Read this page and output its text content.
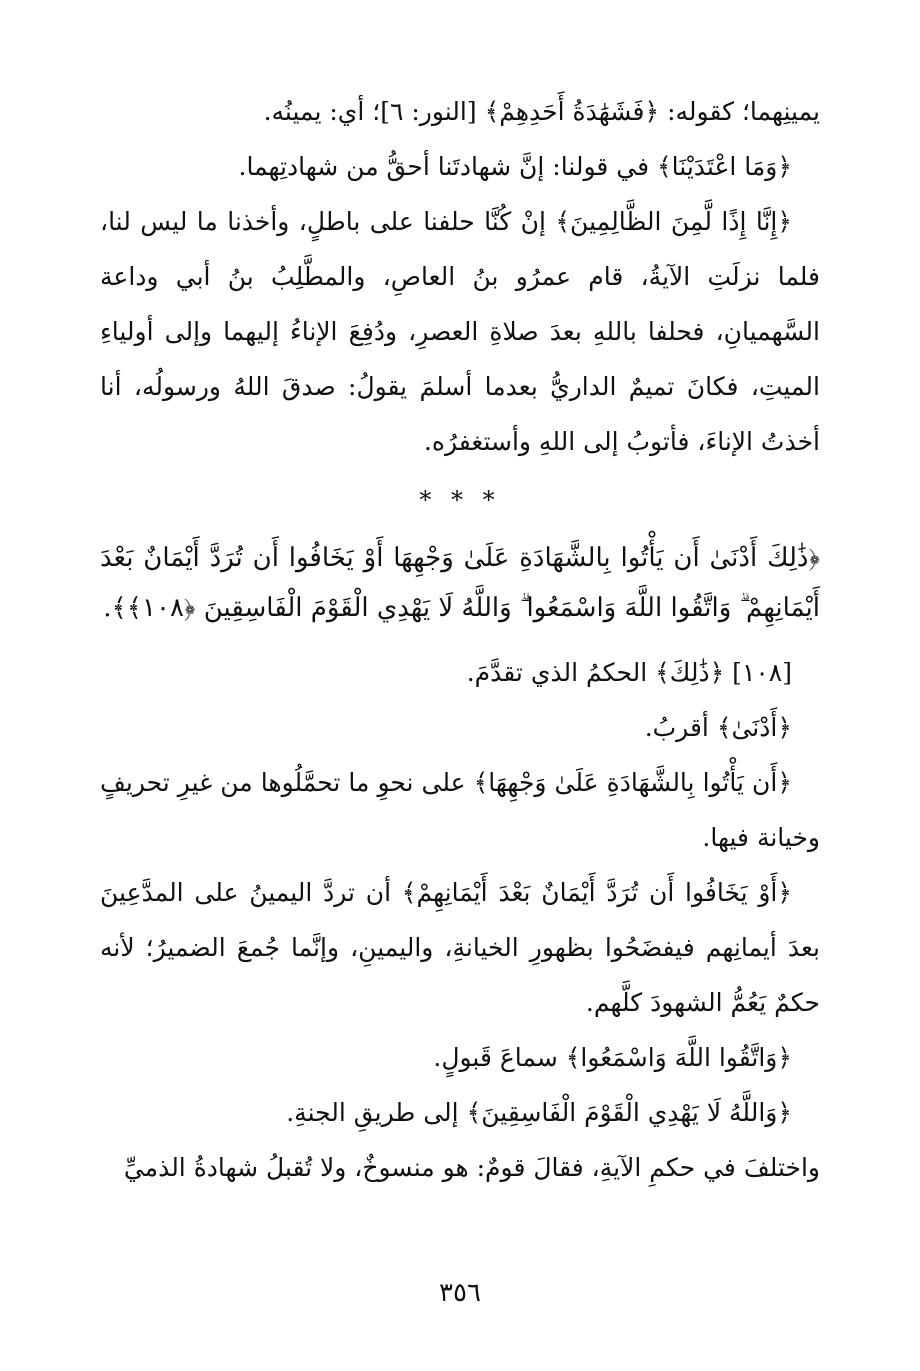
يمينِهما؛ كقوله: ﴿فَشَهَٰدَةُ أَحَدِهِمْ﴾ [النور: ٦]؛ أي: يمينُه.

﴿وَمَا اعْتَدَيْنَا﴾ في قولنا: إنَّ شهادتَنا أحقُّ من شهادتِهما.

﴿إِنَّا إِذًا لَّمِنَ الظَّالِمِينَ﴾ إنْ كُنَّا حلفنا على باطلٍ، وأخذنا ما ليس لنا، فلما نزلَتِ الآيةُ، قام عمرُو بنُ العاصِ، والمطَّلِبُ بنُ أبي وداعة السَّهميانِ، فحلفا باللهِ بعدَ صلاةِ العصرِ، ودُفِعَ الإناءُ إليهما وإلى أولياءِ الميتِ، فكانَ تميمٌ الداريُّ بعدما أسلمَ يقولُ: صدقَ اللهُ ورسولُه، أنا أخذتُ الإناءَ، فأتوبُ إلى اللهِ وأستغفرُه.

* * *

﴿ذَٰلِكَ أَدْنَىٰ أَن يَأْتُوا بِالشَّهَادَةِ عَلَىٰ وَجْهِهَا أَوْ يَخَافُوا أَن تُرَدَّ أَيْمَانٌ بَعْدَ أَيْمَانِهِمْ ۗ وَاتَّقُوا اللَّهَ وَاسْمَعُوا ۗ وَاللَّهُ لَا يَهْدِي الْقَوْمَ الْفَاسِقِينَ ﴿١٠٨﴾﴾.

[١٠٨] ﴿ذَٰلِكَ﴾ الحكمُ الذي تقدَّمَ.

﴿أَدْنَىٰ﴾ أقربُ.

﴿أَن يَأْتُوا بِالشَّهَادَةِ عَلَىٰ وَجْهِهَا﴾ على نحوِ ما تحمَّلُوها من غيرِ تحريفٍ وخيانة فيها.

﴿أَوْ يَخَافُوا أَن تُرَدَّ أَيْمَانٌ بَعْدَ أَيْمَانِهِمْ﴾ أن تردَّ اليمينُ على المدَّعِينَ بعدَ أيمانِهم فيفضَحُوا بظهورِ الخيانةِ، واليمينِ، وإنَّما جُمعَ الضميرُ؛ لأنه حكمٌ يَعُمُّ الشهودَ كلَّهم.

﴿وَاتَّقُوا اللَّهَ وَاسْمَعُوا﴾ سماعَ قَبولٍ.

﴿وَاللَّهُ لَا يَهْدِي الْقَوْمَ الْفَاسِقِينَ﴾ إلى طريقِ الجنةِ.

واختلفَ في حكمِ الآيةِ، فقالَ قومٌ: هو منسوخٌ، ولا تُقبلُ شهادةُ الذميِّ

٣٥٦
